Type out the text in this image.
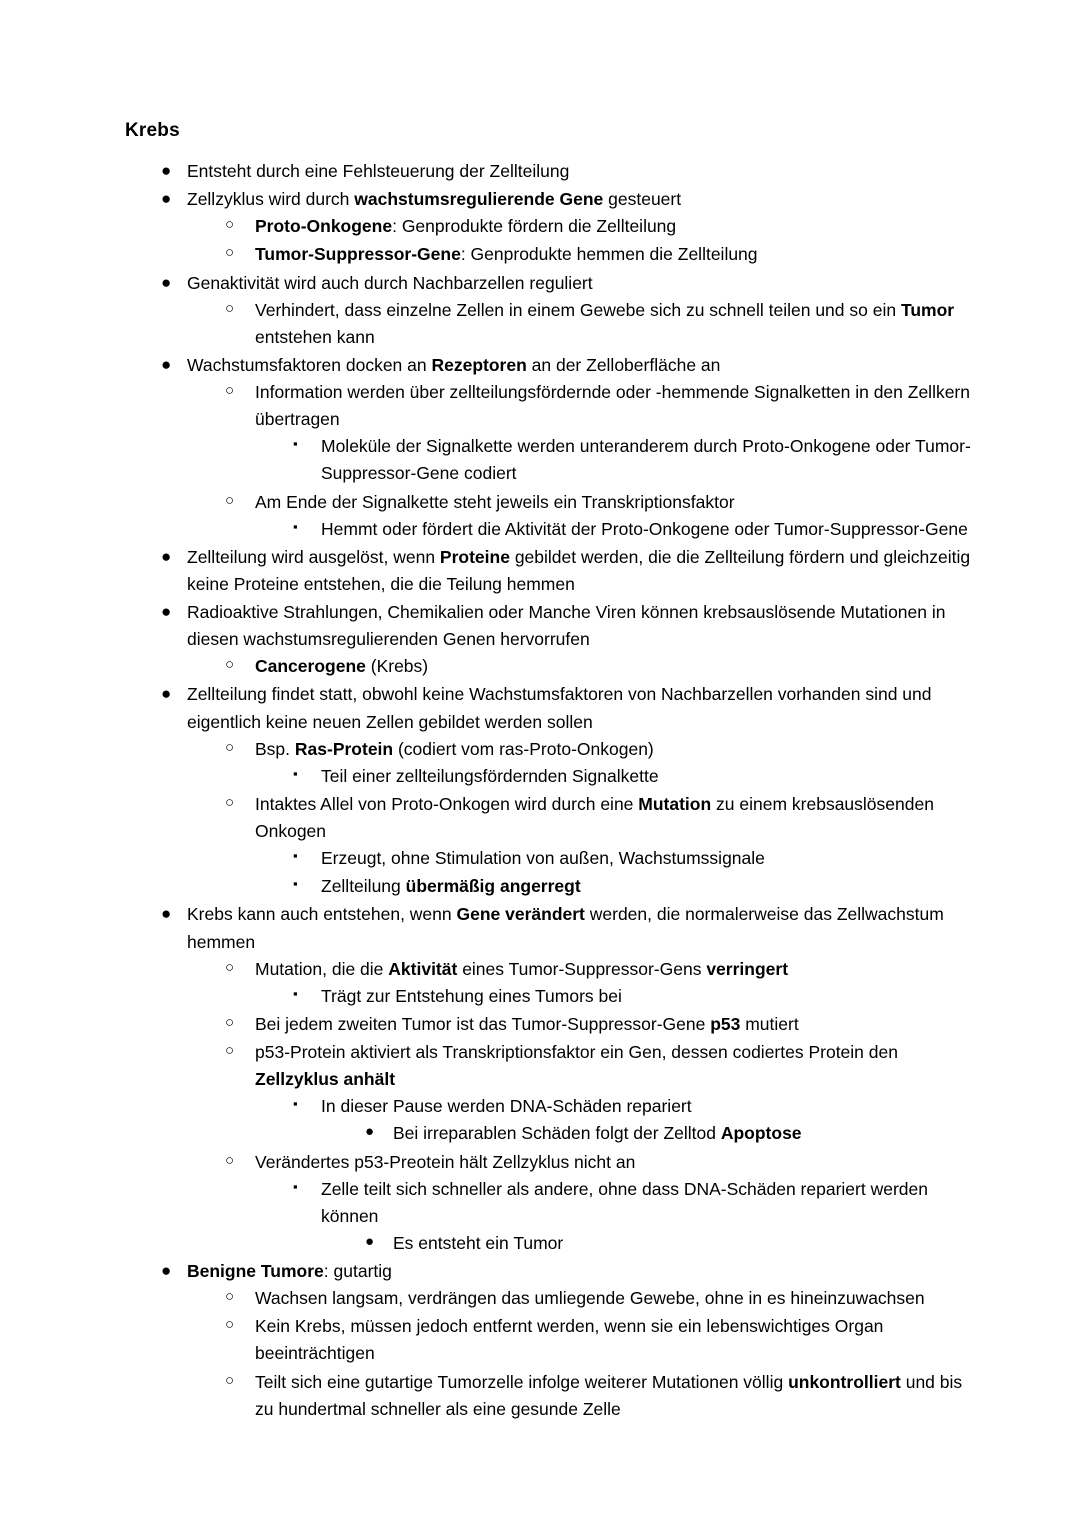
Krebs
● Entsteht durch eine Fehlsteuerung der Zellteilung
● Zellzyklus wird durch wachstumsregulierende Gene gesteuert
○ Proto-Onkogene: Genprodukte fördern die Zellteilung
○ Tumor-Suppressor-Gene: Genprodukte hemmen die Zellteilung
● Genaktivität wird auch durch Nachbarzellen reguliert
○ Verhindert, dass einzelne Zellen in einem Gewebe sich zu schnell teilen und so ein Tumor entstehen kann
● Wachstumsfaktoren docken an Rezeptoren an der Zelloberfläche an
○ Information werden über zellteilungsfördernde oder -hemmende Signalketten in den Zellkern übertragen
▪ Moleküle der Signalkette werden unteranderem durch Proto-Onkogene oder Tumor-Suppressor-Gene codiert
○ Am Ende der Signalkette steht jeweils ein Transkriptionsfaktor
▪ Hemmt oder fördert die Aktivität der Proto-Onkogene oder Tumor-Suppressor-Gene
● Zellteilung wird ausgelöst, wenn Proteine gebildet werden, die die Zellteilung fördern und gleichzeitig keine Proteine entstehen, die die Teilung hemmen
● Radioaktive Strahlungen, Chemikalien oder Manche Viren können krebsauslösende Mutationen in diesen wachstumsregulierenden Genen hervorrufen
○ Cancerogene (Krebs)
● Zellteilung findet statt, obwohl keine Wachstumsfaktoren von Nachbarzellen vorhanden sind und eigentlich keine neuen Zellen gebildet werden sollen
○ Bsp. Ras-Protein (codiert vom ras-Proto-Onkogen)
▪ Teil einer zellteilungsfördernden Signalkette
○ Intaktes Allel von Proto-Onkogen wird durch eine Mutation zu einem krebsauslösenden Onkogen
▪ Erzeugt, ohne Stimulation von außen, Wachstumssignale
▪ Zellteilung übermäßig angerregt
● Krebs kann auch entstehen, wenn Gene verändert werden, die normalerweise das Zellwachstum hemmen
○ Mutation, die die Aktivität eines Tumor-Suppressor-Gens verringert
▪ Trägt zur Entstehung eines Tumors bei
○ Bei jedem zweiten Tumor ist das Tumor-Suppressor-Gene p53 mutiert
○ p53-Protein aktiviert als Transkriptionsfaktor ein Gen, dessen codiertes Protein den Zellzyklus anhält
▪ In dieser Pause werden DNA-Schäden repariert
● Bei irreparablen Schäden folgt der Zelltod Apoptose
○ Verändertes p53-Preotein hält Zellzyklus nicht an
▪ Zelle teilt sich schneller als andere, ohne dass DNA-Schäden repariert werden können
● Es entsteht ein Tumor
● Benigne Tumore: gutartig
○ Wachsen langsam, verdrängen das umliegende Gewebe, ohne in es hineinzuwachsen
○ Kein Krebs, müssen jedoch entfernt werden, wenn sie ein lebenswichtiges Organ beeinträchtigen
○ Teilt sich eine gutartige Tumorzelle infolge weiterer Mutationen völlig unkontrolliert und bis zu hundertmal schneller als eine gesunde Zelle
